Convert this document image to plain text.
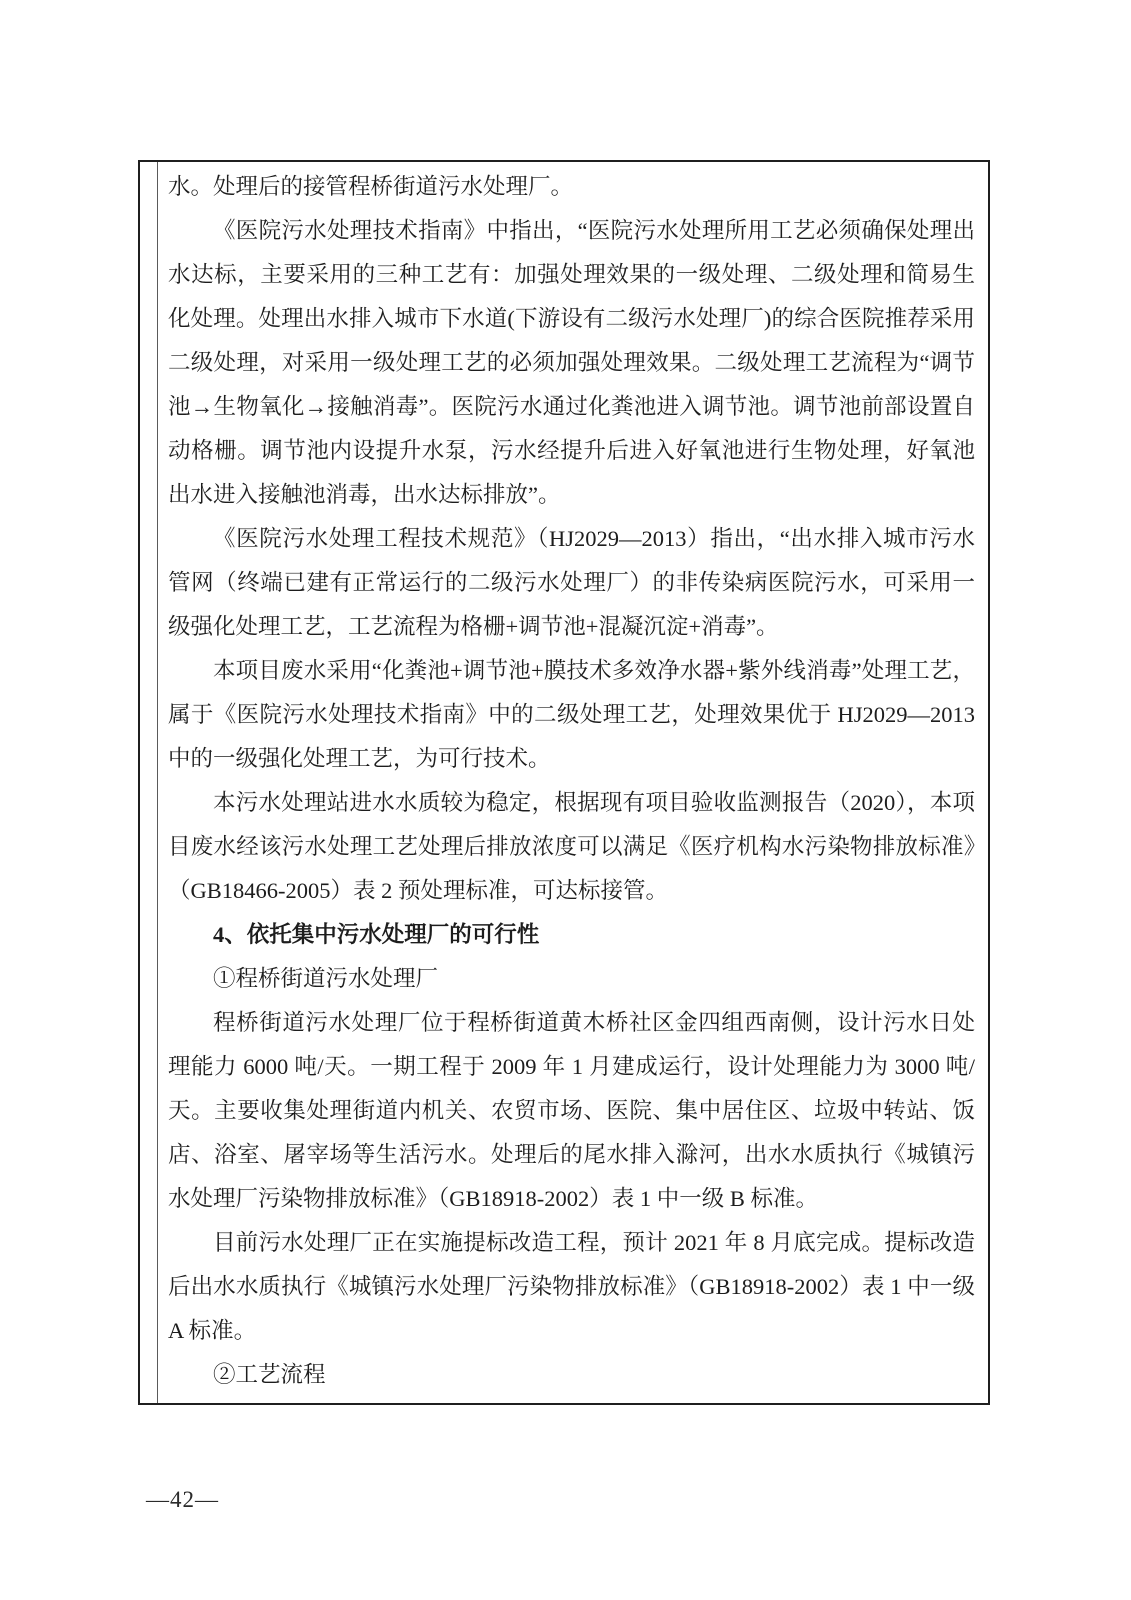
水。处理后的接管程桥街道污水处理厂。

《医院污水处理技术指南》中指出，“医院污水处理所用工艺必须确保处理出水达标，主要采用的三种工艺有：加强处理效果的一级处理、二级处理和简易生化处理。处理出水排入城市下水道(下游设有二级污水处理厂)的综合医院推荐采用二级处理，对采用一级处理工艺的必须加强处理效果。二级处理工艺流程为“调节池→生物氧化→接触消毒”。医院污水通过化粪池进入调节池。调节池前部设置自动格栅。调节池内设提升水泵，污水经提升后进入好氧池进行生物处理，好氧池出水进入接触池消毒，出水达标排放”。

《医院污水处理工程技术规范》（HJ2029—2013）指出，“出水排入城市污水管网（终端已建有正常运行的二级污水处理厂）的非传染病医院污水，可采用一级强化处理工艺，工艺流程为格栅+调节池+混凝沉淀+消毒”。

本项目废水采用“化粪池+调节池+膜技术多效净水器+紫外线消毒”处理工艺，属于《医院污水处理技术指南》中的二级处理工艺，处理效果优于 HJ2029—2013 中的一级强化处理工艺，为可行技术。

本污水处理站进水水质较为稳定，根据现有项目验收监测报告（2020），本项目废水经该污水处理工艺处理后排放浓度可以满足《医疗机构水污染物排放标准》（GB18466-2005）表 2 预处理标准，可达标接管。

4、依托集中污水处理厂的可行性

①程桥街道污水处理厂

程桥街道污水处理厂位于程桥街道黄木桥社区金四组西南侧，设计污水日处理能力 6000 吨/天。一期工程于 2009 年 1 月建成运行，设计处理能力为 3000 吨/天。主要收集处理街道内机关、农贸市场、医院、集中居住区、垃圾中转站、饭店、浴室、屠宰场等生活污水。处理后的尾水排入滁河，出水水质执行《城镇污水处理厂污染物排放标准》（GB18918-2002）表 1 中一级 B 标准。

目前污水处理厂正在实施提标改造工程，预计 2021 年 8 月底完成。提标改造后出水水质执行《城镇污水处理厂污染物排放标准》（GB18918-2002）表 1 中一级 A 标准。

②工艺流程

—42—
